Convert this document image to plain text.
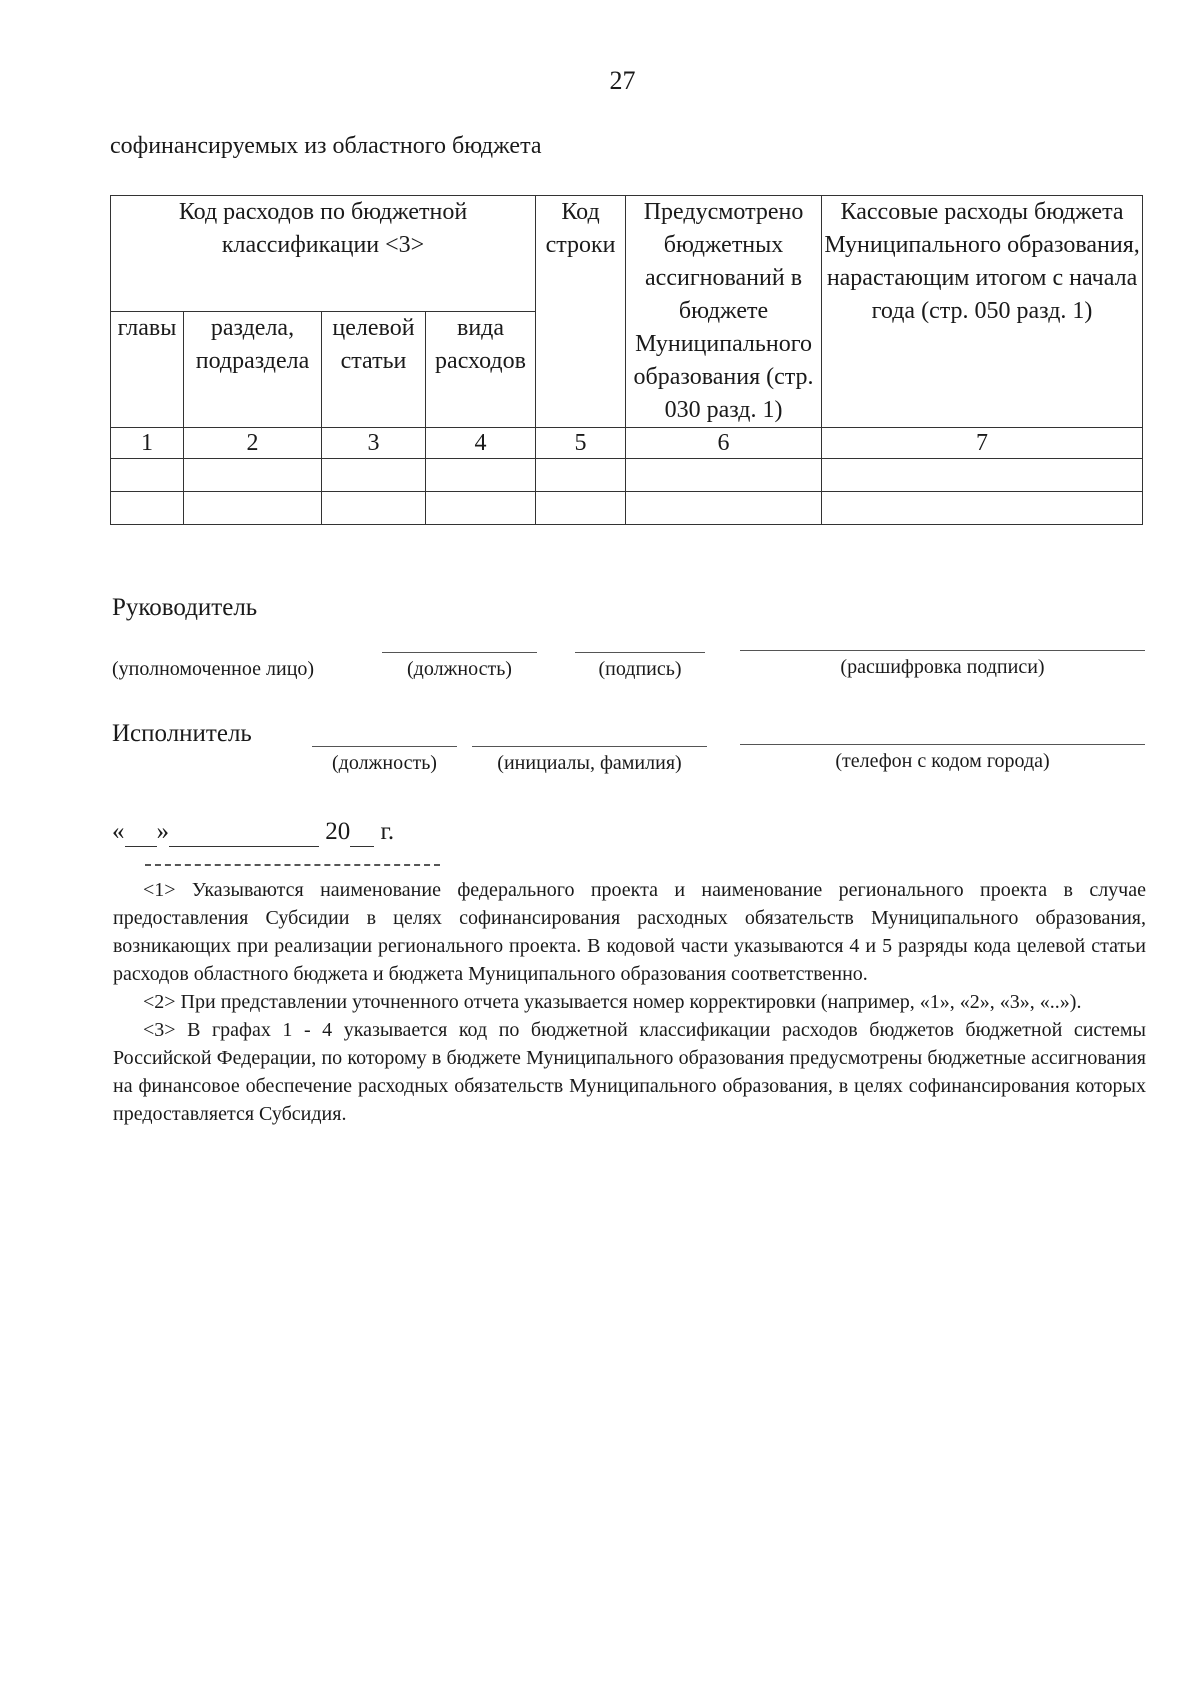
27
софинансируемых из областного бюджета
Код расходов по бюджетной классификации <3>				Код строки	Предусмотрено бюджетных ассигнований в бюджете Муниципального образования (стр. 030 разд. 1)	Кассовые расходы бюджета Муниципального образования, нарастающим итогом с начала года (стр. 050 разд. 1)
главы	раздела, подраздела	целевой статьи	вида расходов			
1	2	3	4	5	6	7

Руководитель
(уполномоченное лицо)	(должность)	(подпись)	(расшифровка подписи)
Исполнитель
(должность)	(инициалы, фамилия)	(телефон с кодом города)
« »	20 г.

<1> Указываются наименование федерального проекта и наименование регионального проекта в случае предоставления Субсидии в целях софинансирования расходных обязательств Муниципального образования, возникающих при реализации регионального проекта. В кодовой части указываются 4 и 5 разряды кода целевой статьи расходов областного бюджета и бюджета Муниципального образования соответственно.

<2> При представлении уточненного отчета указывается номер корректировки (например, «1», «2», «3», «..»).

<3> В графах 1 - 4 указывается код по бюджетной классификации расходов бюджетов бюджетной системы Российской Федерации, по которому в бюджете Муниципального образования предусмотрены бюджетные ассигнования на финансовое обеспечение расходных обязательств Муниципального образования, в целях софинансирования которых предоставляется Субсидия.
